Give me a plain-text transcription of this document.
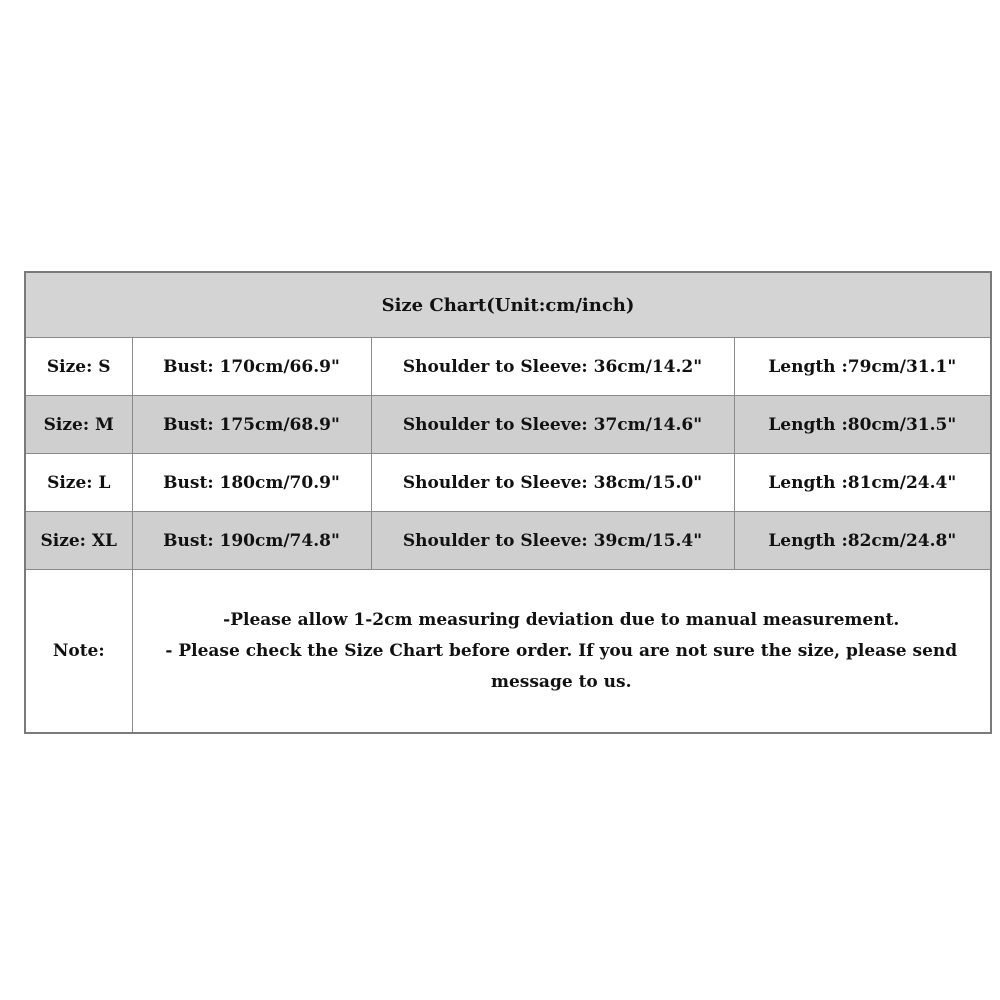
Size Chart(Unit:cm/inch)			
Size: S	Bust: 170cm/66.9"	Shoulder to Sleeve: 36cm/14.2"	Length :79cm/31.1"
Size: M	Bust: 175cm/68.9"	Shoulder to Sleeve: 37cm/14.6"	Length :80cm/31.5"
Size: L	Bust: 180cm/70.9"	Shoulder to Sleeve: 38cm/15.0"	Length :81cm/24.4"
Size: XL	Bust: 190cm/74.8"	Shoulder to Sleeve: 39cm/15.4"	Length :82cm/24.8"
Note:	-Please allow 1-2cm measuring deviation due to manual measurement.

- Please check the Size Chart before order. If you are not sure the size, please send message to us.		
